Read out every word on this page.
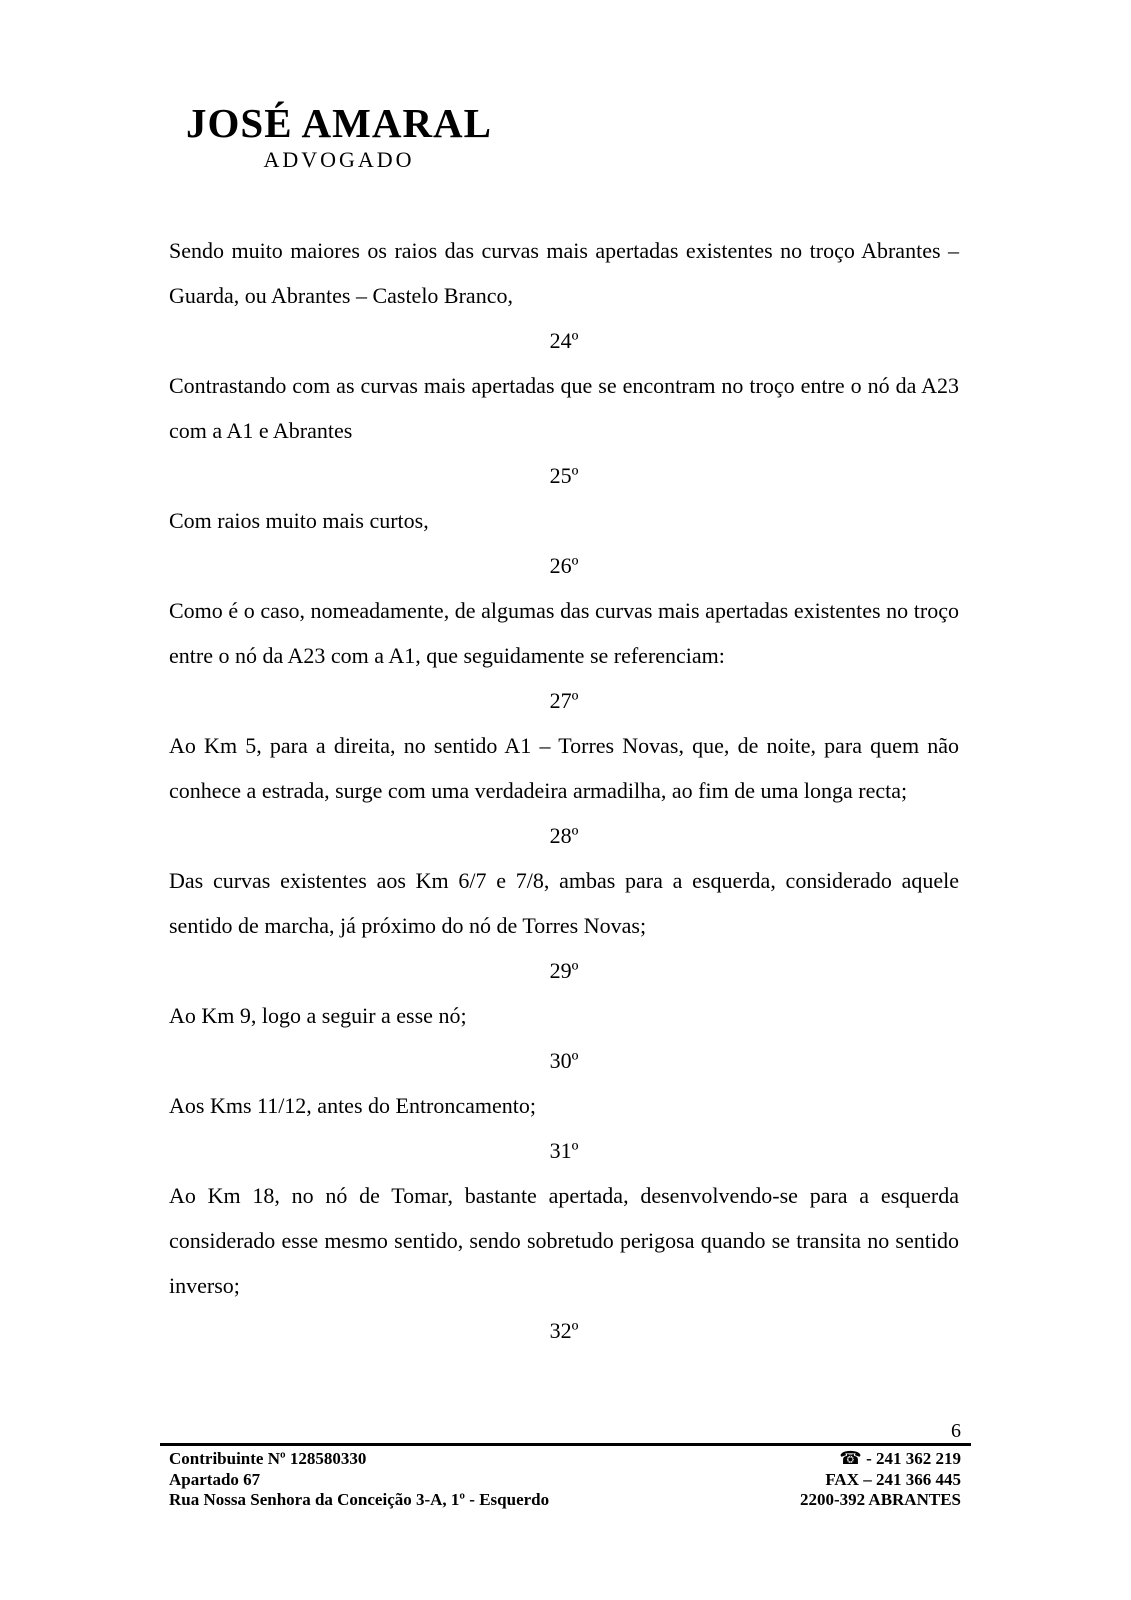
JOSÉ AMARAL
ADVOGADO

Sendo muito maiores os raios das curvas mais apertadas existentes no troço Abrantes – Guarda, ou Abrantes – Castelo Branco,

24º

Contrastando com as curvas mais apertadas que se encontram no troço entre o nó da A23 com a A1 e Abrantes

25º

Com raios muito mais curtos,

26º

Como é o caso, nomeadamente, de algumas das curvas mais apertadas existentes no troço entre o nó da A23 com a A1, que seguidamente se referenciam:

27º

Ao Km 5, para a direita, no sentido A1 – Torres Novas, que, de noite, para quem não conhece a estrada, surge com uma verdadeira armadilha, ao fim de uma longa recta;

28º

Das curvas existentes aos Km 6/7 e 7/8, ambas para a esquerda, considerado aquele sentido de marcha, já próximo do nó de Torres Novas;

29º

Ao Km 9, logo a seguir a esse nó;

30º

Aos Kms 11/12, antes do Entroncamento;

31º

Ao Km 18, no nó de Tomar, bastante apertada, desenvolvendo-se para a esquerda considerado esse mesmo sentido, sendo sobretudo perigosa quando se transita no sentido inverso;

32º

6
Contribuinte Nº 128580330
Apartado 67
Rua Nossa Senhora da Conceição 3-A, 1º - Esquerdo
☎ - 241 362 219
FAX – 241 366 445
2200-392 ABRANTES
